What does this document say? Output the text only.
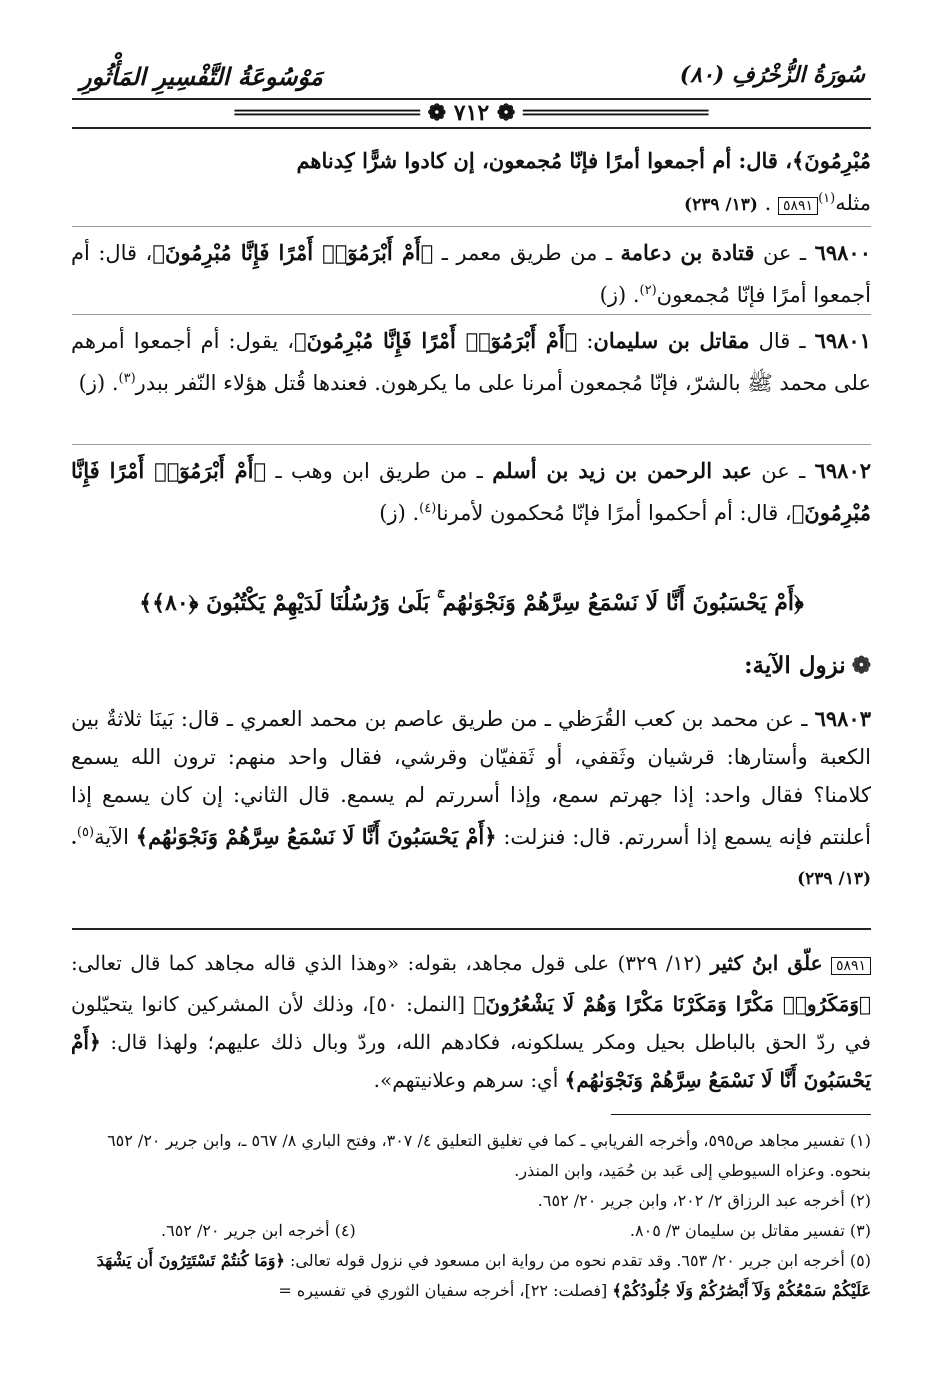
سُورَةُ الزُّخْرُفِ (٨٠)
مَوْسُوعَةُ التَّفْسِيرِ المَأْثُورِ
══════════════ ❁ ٧١٢ ❁ ══════════════
مُبْرِمُونَ﴾، قال: أم أجمعوا أمرًا فإنّا مُجمعون، إن كادوا شرًّا كِدناهم
مثله$^{(١)}$٥٨٩١ . (١٣/ ٢٣٩)
٦٩٨٠٠ ـ عن قتادة بن دعامة ـ من طريق معمر ـ ﴿أَمْ أَبْرَمُوٓا۟ أَمْرًا فَإِنَّا مُبْرِمُونَ﴾، قال: أم أجمعوا أمرًا فإنّا مُجمعون$^{(٢)}$. (ز)
٦٩٨٠١ ـ قال مقاتل بن سليمان: ﴿أَمْ أَبْرَمُوٓا۟ أَمْرًا فَإِنَّا مُبْرِمُونَ﴾، يقول: أم أجمعوا أمرهم على محمد ﷺ بالشرّ، فإنّا مُجمعون أمرنا على ما يكرهون. فعندها قُتل هؤلاء النّفر ببدر$^{(٣)}$. (ز)
٦٩٨٠٢ ـ عن عبد الرحمن بن زيد بن أسلم ـ من طريق ابن وهب ـ ﴿أَمْ أَبْرَمُوٓا۟ أَمْرًا فَإِنَّا مُبْرِمُونَ﴾، قال: أم أحكموا أمرًا فإنّا مُحكمون لأمرنا$^{(٤)}$. (ز)
﴿أَمْ يَحْسَبُونَ أَنَّا لَا نَسْمَعُ سِرَّهُمْ وَنَجْوَىٰهُم ۚ بَلَىٰ وَرُسُلُنَا لَدَيْهِمْ يَكْتُبُونَ ﴿٨٠﴾﴾
❁نزول الآية:
٦٩٨٠٣ ـ عن محمد بن كعب القُرَظي ـ من طريق عاصم بن محمد العمري ـ قال: بَينَا ثلاثةٌ بين الكعبة وأستارها: قرشيان وثَقفي، أو ثَقفيّان وقرشي، فقال واحد منهم: ترون الله يسمع كلامنا؟ فقال واحد: إذا جهرتم سمع، وإذا أسررتم لم يسمع. قال الثاني: إن كان يسمع إذا أعلنتم فإنه يسمع إذا أسررتم. قال: فنزلت: ﴿أَمْ يَحْسَبُونَ أَنَّا لَا نَسْمَعُ سِرَّهُمْ وَنَجْوَىٰهُم﴾ الآية$^{(٥)}$. (١٣/ ٢٣٩)
٥٨٩١ علّق ابنُ كثير (١٢/ ٣٢٩) على قول مجاهد، بقوله: «وهذا الذي قاله مجاهد كما قال تعالى: ﴿وَمَكَرُوا۟ مَكْرًا وَمَكَرْنَا مَكْرًا وَهُمْ لَا يَشْعُرُونَ﴾ [النمل: ٥٠]، وذلك لأن المشركين كانوا يتحيّلون في ردّ الحق بالباطل بحيل ومكر يسلكونه، فكادهم الله، وردّ وبال ذلك عليهم؛ ولهذا قال: ﴿أَمْ يَحْسَبُونَ أَنَّا لَا نَسْمَعُ سِرَّهُمْ وَنَجْوَىٰهُم﴾ أي: سرهم وعلانيتهم».
(١) تفسير مجاهد ص٥٩٥، وأخرجه الفريابي ـ كما في تغليق التعليق ٤/ ٣٠٧، وفتح الباري ٨/ ٥٦٧ ـ، وابن جرير ٢٠/ ٦٥٢ بنحوه. وعزاه السيوطي إلى عَبد بن حُمَيد، وابن المنذر.
(٢) أخرجه عبد الرزاق ٢/ ٢٠٢، وابن جرير ٢٠/ ٦٥٢.
(٣) تفسير مقاتل بن سليمان ٣/ ٨٠٥.
(٤) أخرجه ابن جرير ٢٠/ ٦٥٢.
(٥) أخرجه ابن جرير ٢٠/ ٦٥٣. وقد تقدم نحوه من رواية ابن مسعود في نزول قوله تعالى: ﴿وَمَا كُنتُمْ تَسْتَتِرُونَ أَن يَشْهَدَ عَلَيْكُمْ سَمْعُكُمْ وَلَآ أَبْصَٰرُكُمْ وَلَا جُلُودُكُمْ﴾ [فصلت: ٢٢]، أخرجه سفيان الثوري في تفسيره =
